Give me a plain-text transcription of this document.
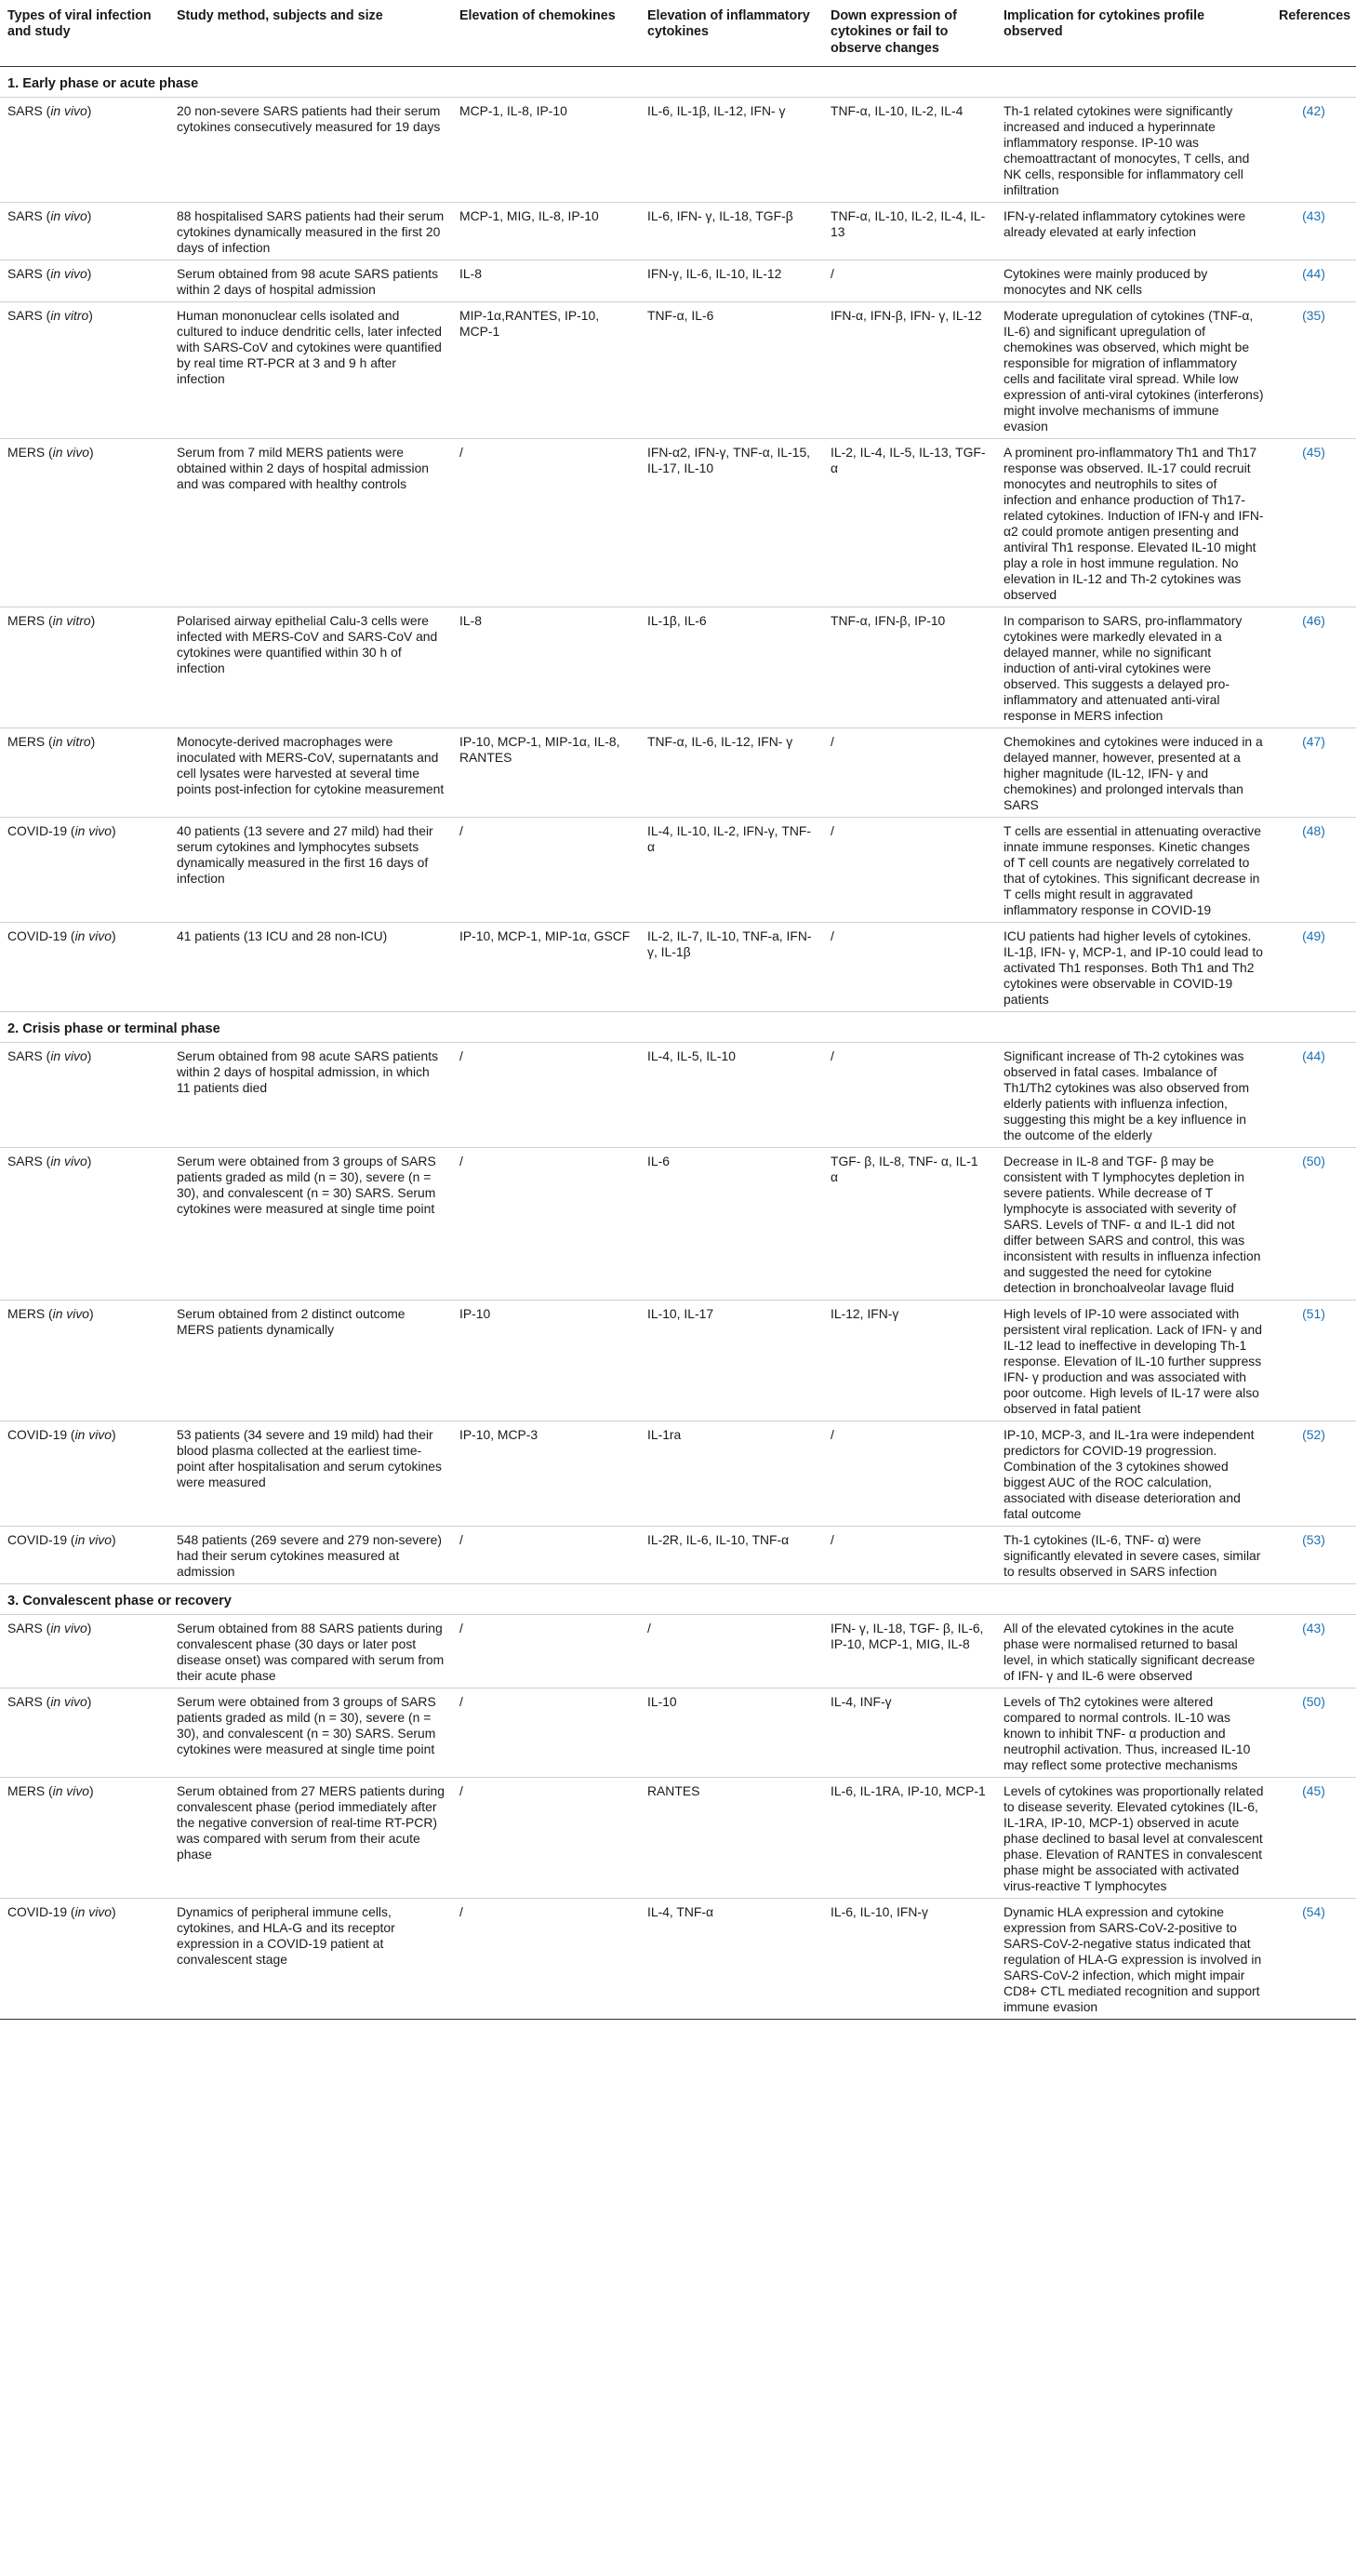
Types of viral infection and study	Study method, subjects and size	Elevation of chemokines	Elevation of inflammatory cytokines	Down expression of cytokines or fail to observe changes	Implication for cytokines profile observed	References
1. Early phase or acute phase						
SARS (in vivo)	20 non-severe SARS patients had their serum cytokines consecutively measured for 19 days	MCP-1, IL-8, IP-10	IL-6, IL-1β, IL-12, IFN- γ	TNF-α, IL-10, IL-2, IL-4	Th-1 related cytokines were significantly increased and induced a hyperinnate inflammatory response. IP-10 was chemoattractant of monocytes, T cells, and NK cells, responsible for inflammatory cell infiltration	(42)
SARS (in vivo)	88 hospitalised SARS patients had their serum cytokines dynamically measured in the first 20 days of infection	MCP-1, MIG, IL-8, IP-10	IL-6, IFN- γ, IL-18, TGF-β	TNF-α, IL-10, IL-2, IL-4, IL-13	IFN-γ-related inflammatory cytokines were already elevated at early infection	(43)
SARS (in vivo)	Serum obtained from 98 acute SARS patients within 2 days of hospital admission	IL-8	IFN-γ, IL-6, IL-10, IL-12	/	Cytokines were mainly produced by monocytes and NK cells	(44)
SARS (in vitro)	Human mononuclear cells isolated and cultured to induce dendritic cells, later infected with SARS-CoV and cytokines were quantified by real time RT-PCR at 3 and 9 h after infection	MIP-1α,RANTES, IP-10, MCP-1	TNF-α, IL-6	IFN-α, IFN-β, IFN- γ, IL-12	Moderate upregulation of cytokines (TNF-α, IL-6) and significant upregulation of chemokines was observed, which might be responsible for migration of inflammatory cells and facilitate viral spread. While low expression of anti-viral cytokines (interferons) might involve mechanisms of immune evasion	(35)
MERS (in vivo)	Serum from 7 mild MERS patients were obtained within 2 days of hospital admission and was compared with healthy controls	/	IFN-α2, IFN-γ, TNF-α, IL-15, IL-17, IL-10	IL-2, IL-4, IL-5, IL-13, TGF-α	A prominent pro-inflammatory Th1 and Th17 response was observed. IL-17 could recruit monocytes and neutrophils to sites of infection and enhance production of Th17-related cytokines. Induction of IFN-γ and IFN-α2 could promote antigen presenting and antiviral Th1 response. Elevated IL-10 might play a role in host immune regulation. No elevation in IL-12 and Th-2 cytokines was observed	(45)
MERS (in vitro)	Polarised airway epithelial Calu-3 cells were infected with MERS-CoV and SARS-CoV and cytokines were quantified within 30 h of infection	IL-8	IL-1β, IL-6	TNF-α, IFN-β, IP-10	In comparison to SARS, pro-inflammatory cytokines were markedly elevated in a delayed manner, while no significant induction of anti-viral cytokines were observed. This suggests a delayed pro-inflammatory and attenuated anti-viral response in MERS infection	(46)
MERS (in vitro)	Monocyte-derived macrophages were inoculated with MERS-CoV, supernatants and cell lysates were harvested at several time points post-infection for cytokine measurement	IP-10, MCP-1, MIP-1α, IL-8, RANTES	TNF-α, IL-6, IL-12, IFN- γ	/	Chemokines and cytokines were induced in a delayed manner, however, presented at a higher magnitude (IL-12, IFN- γ and chemokines) and prolonged intervals than SARS	(47)
COVID-19 (in vivo)	40 patients (13 severe and 27 mild) had their serum cytokines and lymphocytes subsets dynamically measured in the first 16 days of infection	/	IL-4, IL-10, IL-2, IFN-γ, TNF-α	/	T cells are essential in attenuating overactive innate immune responses. Kinetic changes of T cell counts are negatively correlated to that of cytokines. This significant decrease in T cells might result in aggravated inflammatory response in COVID-19	(48)
COVID-19 (in vivo)	41 patients (13 ICU and 28 non-ICU)	IP-10, MCP-1, MIP-1α, GSCF	IL-2, IL-7, IL-10, TNF-a, IFN-γ, IL-1β	/	ICU patients had higher levels of cytokines. IL-1β, IFN- γ, MCP-1, and IP-10 could lead to activated Th1 responses. Both Th1 and Th2 cytokines were observable in COVID-19 patients	(49)
2. Crisis phase or terminal phase						
SARS (in vivo)	Serum obtained from 98 acute SARS patients within 2 days of hospital admission, in which 11 patients died	/	IL-4, IL-5, IL-10	/	Significant increase of Th-2 cytokines was observed in fatal cases. Imbalance of Th1/Th2 cytokines was also observed from elderly patients with influenza infection, suggesting this might be a key influence in the outcome of the elderly	(44)
SARS (in vivo)	Serum were obtained from 3 groups of SARS patients graded as mild (n = 30), severe (n = 30), and convalescent (n = 30) SARS. Serum cytokines were measured at single time point	/	IL-6	TGF- β, IL-8, TNF- α, IL-1 α	Decrease in IL-8 and TGF- β may be consistent with T lymphocytes depletion in severe patients. While decrease of T lymphocyte is associated with severity of SARS. Levels of TNF- α and IL-1 did not differ between SARS and control, this was inconsistent with results in influenza infection and suggested the need for cytokine detection in bronchoalveolar lavage fluid	(50)
MERS (in vivo)	Serum obtained from 2 distinct outcome MERS patients dynamically	IP-10	IL-10, IL-17	IL-12, IFN-γ	High levels of IP-10 were associated with persistent viral replication. Lack of IFN- γ and IL-12 lead to ineffective in developing Th-1 response. Elevation of IL-10 further suppress IFN- γ production and was associated with poor outcome. High levels of IL-17 were also observed in fatal patient	(51)
COVID-19 (in vivo)	53 patients (34 severe and 19 mild) had their blood plasma collected at the earliest time-point after hospitalisation and serum cytokines were measured	IP-10, MCP-3	IL-1ra	/	IP-10, MCP-3, and IL-1ra were independent predictors for COVID-19 progression. Combination of the 3 cytokines showed biggest AUC of the ROC calculation, associated with disease deterioration and fatal outcome	(52)
COVID-19 (in vivo)	548 patients (269 severe and 279 non-severe) had their serum cytokines measured at admission	/	IL-2R, IL-6, IL-10, TNF-α	/	Th-1 cytokines (IL-6, TNF- α) were significantly elevated in severe cases, similar to results observed in SARS infection	(53)
3. Convalescent phase or recovery						
SARS (in vivo)	Serum obtained from 88 SARS patients during convalescent phase (30 days or later post disease onset) was compared with serum from their acute phase	/	/	IFN- γ, IL-18, TGF- β, IL-6, IP-10, MCP-1, MIG, IL-8	All of the elevated cytokines in the acute phase were normalised returned to basal level, in which statically significant decrease of IFN- γ and IL-6 were observed	(43)
SARS (in vivo)	Serum were obtained from 3 groups of SARS patients graded as mild (n = 30), severe (n = 30), and convalescent (n = 30) SARS. Serum cytokines were measured at single time point	/	IL-10	IL-4, INF-γ	Levels of Th2 cytokines were altered compared to normal controls. IL-10 was known to inhibit TNF- α production and neutrophil activation. Thus, increased IL-10 may reflect some protective mechanisms	(50)
MERS (in vivo)	Serum obtained from 27 MERS patients during convalescent phase (period immediately after the negative conversion of real-time RT-PCR) was compared with serum from their acute phase	/	RANTES	IL-6, IL-1RA, IP-10, MCP-1	Levels of cytokines was proportionally related to disease severity. Elevated cytokines (IL-6, IL-1RA, IP-10, MCP-1) observed in acute phase declined to basal level at convalescent phase. Elevation of RANTES in convalescent phase might be associated with activated virus-reactive T lymphocytes	(45)
COVID-19 (in vivo)	Dynamics of peripheral immune cells, cytokines, and HLA-G and its receptor expression in a COVID-19 patient at convalescent stage	/	IL-4, TNF-α	IL-6, IL-10, IFN-γ	Dynamic HLA expression and cytokine expression from SARS-CoV-2-positive to SARS-CoV-2-negative status indicated that regulation of HLA-G expression is involved in SARS-CoV-2 infection, which might impair CD8+ CTL mediated recognition and support immune evasion	(54)
